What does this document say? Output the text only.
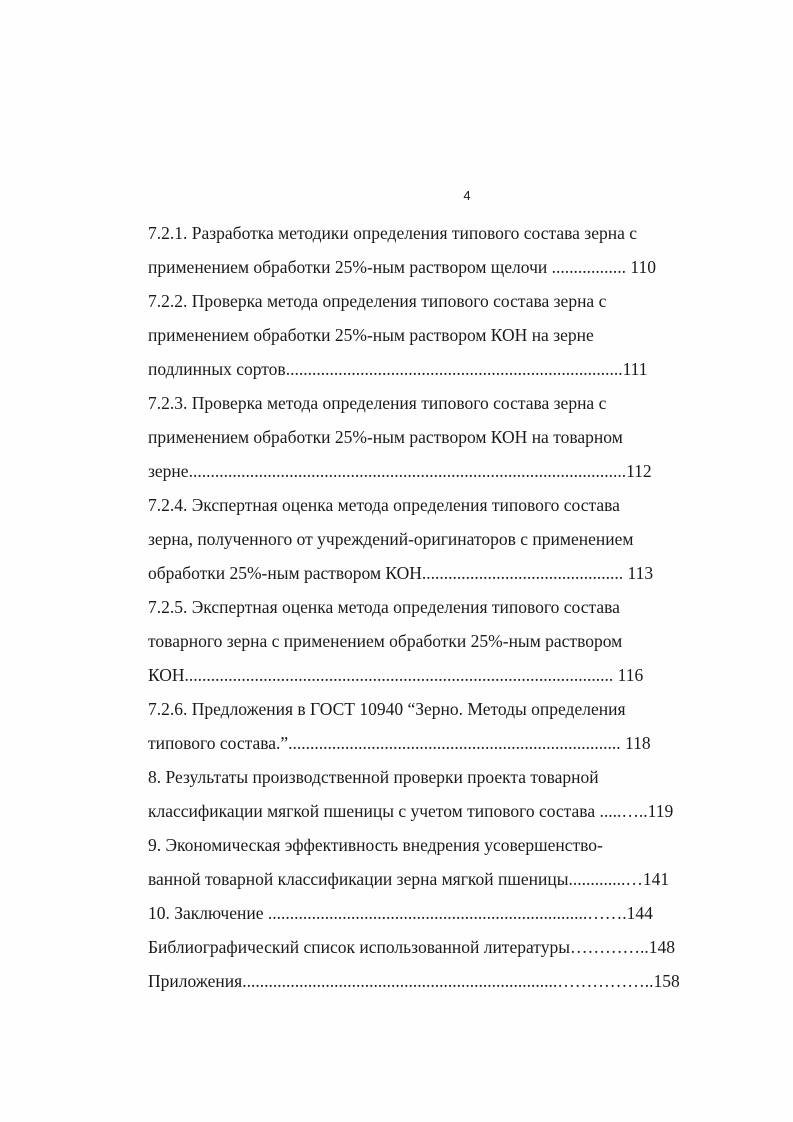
4
7.2.1. Разработка методики определения типового состава зерна с
применением обработки 25%-ным раствором щелочи ................. 110
7.2.2. Проверка метода определения типового состава зерна с
применением обработки 25%-ным раствором КОН на зерне
подлинных сортов.............................................................................111
7.2.3. Проверка метода определения типового состава зерна с
применением обработки 25%-ным раствором КОН на товарном
зерне....................................................................................................112
7.2.4. Экспертная оценка метода определения типового состава
зерна, полученного от учреждений-оригинаторов с применением
обработки 25%-ным раствором КОН.............................................. 113
7.2.5. Экспертная оценка метода определения типового состава
товарного зерна с применением обработки 25%-ным раствором
КОН.................................................................................................. 116
7.2.6. Предложения в ГОСТ 10940 “Зерно. Методы определения
типового состава.”............................................................................ 118
8. Результаты производственной проверки проекта товарной
классификации мягкой пшеницы с учетом типового состава .....…..119
9. Экономическая эффективность внедрения усовершенство-
ванной товарной классификации зерна мягкой пшеницы.............…141
10. Заключение .........................................................................…….144
Библиографический список использованной литературы…………..148
Приложения........................................................................……………..158
